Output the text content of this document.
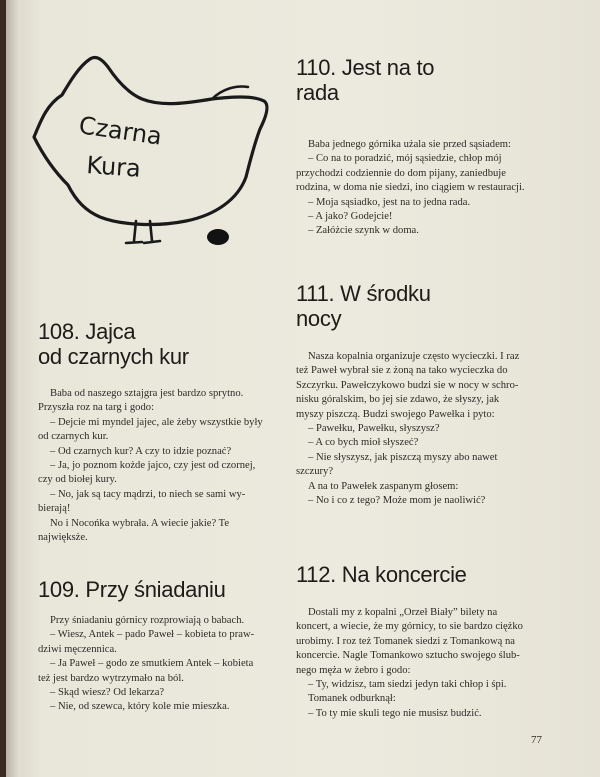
Czarna
Kura
108. Jajca
od czarnych kur

Baba od naszego sztajgra jest bardzo sprytno.

Przyszła roz na targ i godo:

– Dejcie mi myndel jajec, ale żeby wszystkie były

od czarnych kur.

– Od czarnych kur? A czy to idzie poznać?

– Ja, jo poznom kożde jajco, czy jest od czornej,

czy od biołej kury.

– No, jak są tacy mądrzi, to niech se sami wy-

bierają!

No i Nocońka wybrała. A wiecie jakie? Te

najwięksże.

109. Przy śniadaniu

Przy śniadaniu górnicy rozprowiają o babach.

– Wiesz, Antek – pado Paweł – kobieta to praw-

dziwi męczennica.

– Ja Paweł – godo ze smutkiem Antek – kobieta

też jest bardzo wytrzymało na ból.

– Skąd wiesz? Od lekarza?

– Nie, od szewca, który kole mie mieszka.

110. Jest na to
rada

Baba jednego górnika użala sie przed sąsiadem:

– Co na to poradzić, mój sąsiedzie, chłop mój

przychodzi codziennie do dom pijany, zaniedbuje

rodzina, w doma nie siedzi, ino ciągiem w restauracji.

– Moja sąsiadko, jest na to jedna rada.

– A jako? Godejcie!

– Załóżcie szynk w doma.

111. W środku
nocy

Nasza kopalnia organizuje często wycieczki. I raz

też Paweł wybrał sie z żoną na tako wycieczka do

Szczyrku. Pawełczykowo budzi sie w nocy w schro-

nisku góralskim, bo jej sie zdawo, że słyszy, jak

myszy piszczą. Budzi swojego Pawełka i pyto:

– Pawełku, Pawełku, słyszysz?

– A co bych mioł słyszeć?

– Nie słyszysz, jak piszczą myszy abo nawet

szczury?

A na to Pawełek zaspanym głosem:

– No i co z tego? Może mom je naoliwić?

112. Na koncercie

Dostali my z kopalni „Orzeł Biały” bilety na

koncert, a wiecie, że my górnicy, to sie bardzo ciężko

urobimy. I roz też Tomanek siedzi z Tomankową na

koncercie. Nagle Tomankowo sztucho swojego ślub-

nego męża w żebro i godo:

– Ty, widzisz, tam siedzi jedyn taki chłop i śpi.

Tomanek odburknął:

– To ty mie skuli tego nie musisz budzić.

77
